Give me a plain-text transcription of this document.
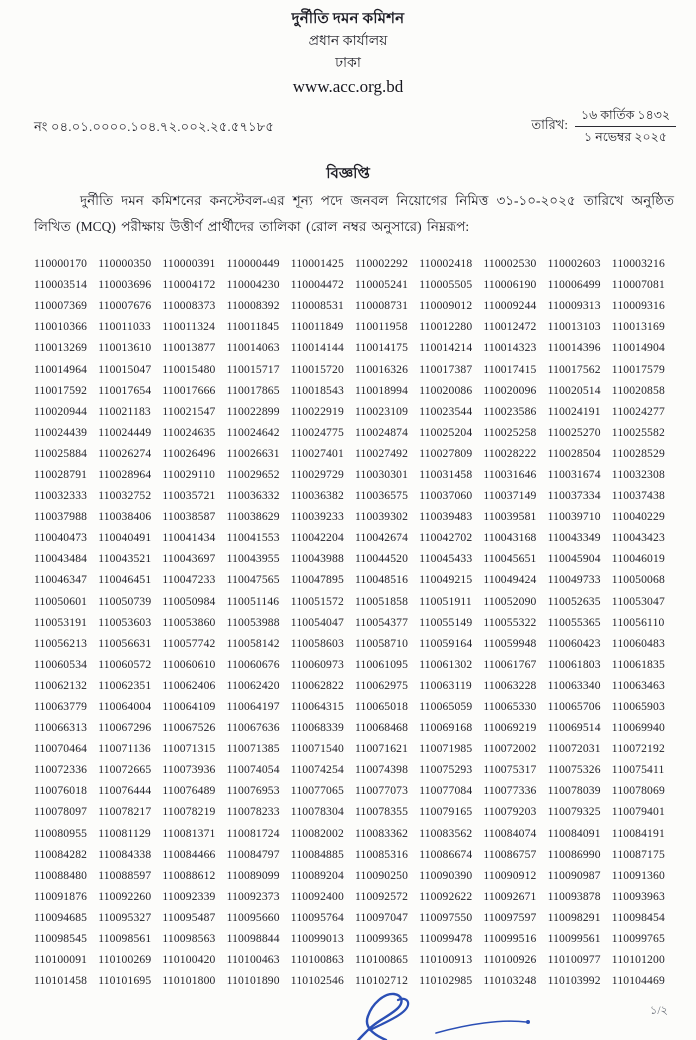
দুর্নীতি দমন কমিশন
প্রধান কার্যালয়
ঢাকা
www.acc.org.bd
নং ০৪.০১.০০০০.১০৪.৭২.০০২.২৫.৫৭১৮৫	তারিখ: $\frac{\text{১৬ কার্তিক ১৪৩২}}{\text{১ নভেম্বর ২০২৫}}$
বিজ্ঞপ্তি

দুর্নীতি দমন কমিশনের কনস্টেবল-এর শূন্য পদে জনবল নিয়োগের নিমিত্ত ৩১-১০-২০২৫ তারিখে অনুষ্ঠিত লিখিত (MCQ) পরীক্ষায় উত্তীর্ণ প্রার্থীদের তালিকা (রোল নম্বর অনুসারে) নিম্নরূপ:

110000170 110000350 110000391 110000449 110001425 110002292 110002418 110002530 110002603 110003216
110003514 110003696 110004172 110004230 110004472 110005241 110005505 110006190 110006499 110007081
110007369 110007676 110008373 110008392 110008531 110008731 110009012 110009244 110009313 110009316
110010366 110011033 110011324 110011845 110011849 110011958 110012280 110012472 110013103 110013169
110013269 110013610 110013877 110014063 110014144 110014175 110014214 110014323 110014396 110014904
110014964 110015047 110015480 110015717 110015720 110016326 110017387 110017415 110017562 110017579
110017592 110017654 110017666 110017865 110018543 110018994 110020086 110020096 110020514 110020858
110020944 110021183 110021547 110022899 110022919 110023109 110023544 110023586 110024191 110024277
110024439 110024449 110024635 110024642 110024775 110024874 110025204 110025258 110025270 110025582
110025884 110026274 110026496 110026631 110027401 110027492 110027809 110028222 110028504 110028529
110028791 110028964 110029110 110029652 110029729 110030301 110031458 110031646 110031674 110032308
110032333 110032752 110035721 110036332 110036382 110036575 110037060 110037149 110037334 110037438
110037988 110038406 110038587 110038629 110039233 110039302 110039483 110039581 110039710 110040229
110040473 110040491 110041434 110041553 110042204 110042674 110042702 110043168 110043349 110043423
110043484 110043521 110043697 110043955 110043988 110044520 110045433 110045651 110045904 110046019
110046347 110046451 110047233 110047565 110047895 110048516 110049215 110049424 110049733 110050068
110050601 110050739 110050984 110051146 110051572 110051858 110051911 110052090 110052635 110053047
110053191 110053603 110053860 110053988 110054047 110054377 110055149 110055322 110055365 110056110
110056213 110056631 110057742 110058142 110058603 110058710 110059164 110059948 110060423 110060483
110060534 110060572 110060610 110060676 110060973 110061095 110061302 110061767 110061803 110061835
110062132 110062351 110062406 110062420 110062822 110062975 110063119 110063228 110063340 110063463
110063779 110064004 110064109 110064197 110064315 110065018 110065059 110065330 110065706 110065903
110066313 110067296 110067526 110067636 110068339 110068468 110069168 110069219 110069514 110069940
110070464 110071136 110071315 110071385 110071540 110071621 110071985 110072002 110072031 110072192
110072336 110072665 110073936 110074054 110074254 110074398 110075293 110075317 110075326 110075411
110076018 110076444 110076489 110076953 110077065 110077073 110077084 110077336 110078039 110078069
110078097 110078217 110078219 110078233 110078304 110078355 110079165 110079203 110079325 110079401
110080955 110081129 110081371 110081724 110082002 110083362 110083562 110084074 110084091 110084191
110084282 110084338 110084466 110084797 110084885 110085316 110086674 110086757 110086990 110087175
110088480 110088597 110088612 110089099 110089204 110090250 110090390 110090912 110090987 110091360
110091876 110092260 110092339 110092373 110092400 110092572 110092622 110092671 110093878 110093963
110094685 110095327 110095487 110095660 110095764 110097047 110097550 110097597 110098291 110098454
110098545 110098561 110098563 110098844 110099013 110099365 110099478 110099516 110099561 110099765
110100091 110100269 110100420 110100463 110100863 110100865 110100913 110100926 110100977 110101200
110101458 110101695 110101800 110101890 110102546 110102712 110102985 110103248 110103992 110104469
১/২
